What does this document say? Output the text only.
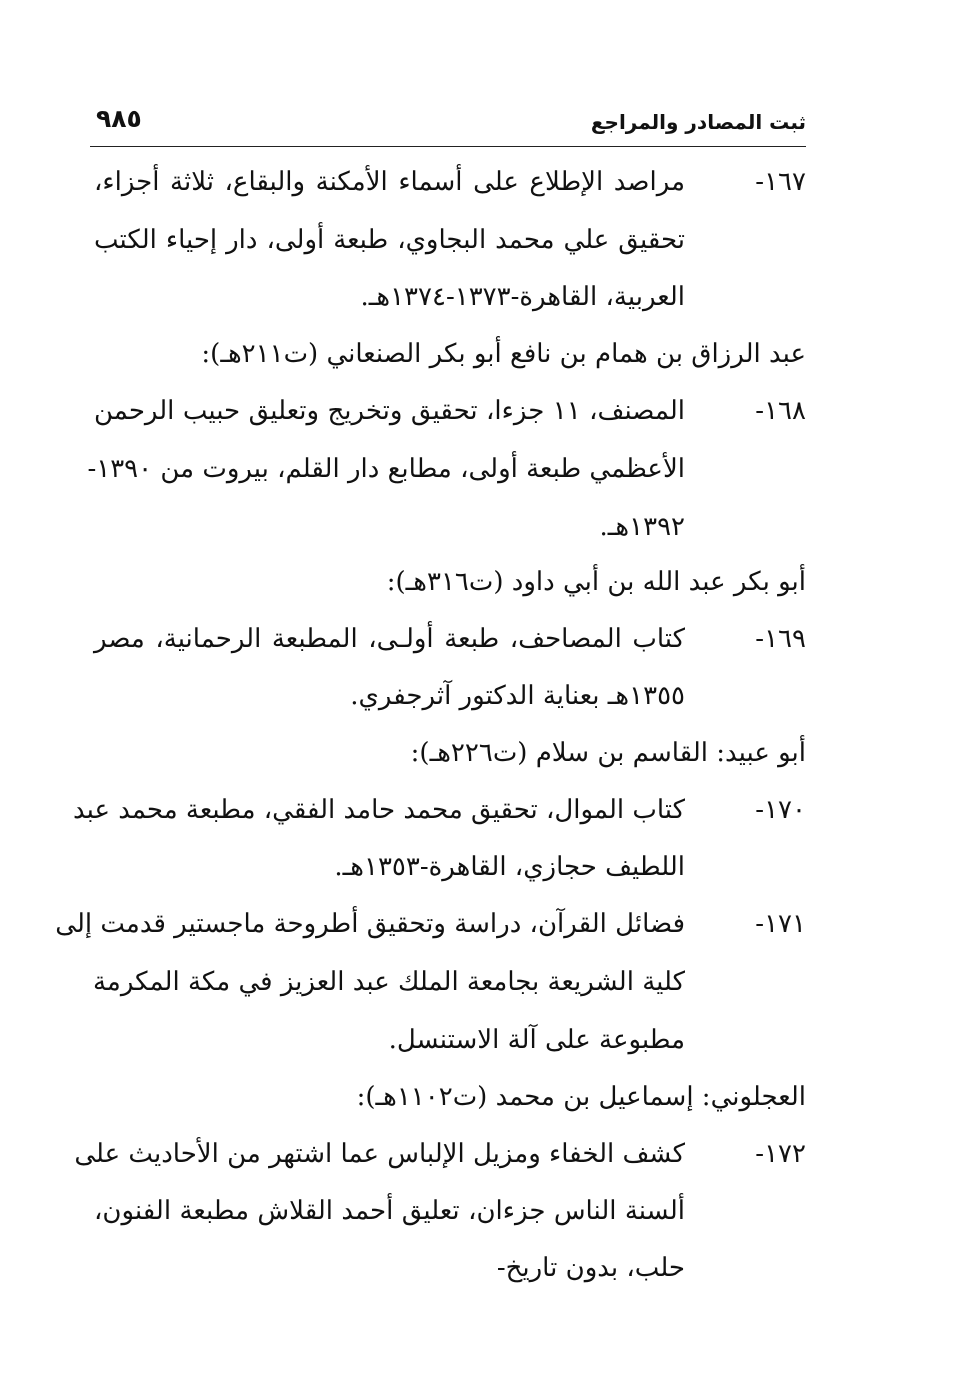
ثبت المصادر والمراجع
٩٨٥
١٦٧-

مراصد الإطلاع على أسماء الأمكنة والبقاع، ثلاثة أجزاء،

تحقيق علي محمد البجاوي، طبعة أولى، دار إحياء الكتب

العربية، القاهرة-١٣٧٣-١٣٧٤هـ.

عبد الرزاق بن همام بن نافع أبو بكر الصنعاني (ت٢١١هـ):

١٦٨-

المصنف، ١١ جزءا، تحقيق وتخريج وتعليق حبيب الرحمن

الأعظمي طبعة أولى، مطابع دار القلم، بيروت من ١٣٩٠-

١٣٩٢هـ.

أبو بكر عبد الله بن أبي داود (ت٣١٦هـ):

١٦٩-

كتاب المصاحف، طبعة أولـى، المطبعة الرحمانية، مصر

١٣٥٥هـ بعناية الدكتور آثرجفري.

أبو عبيد: القاسم بن سلام (ت٢٢٦هـ):

١٧٠-

كتاب الموال، تحقيق محمد حامد الفقي، مطبعة محمد عبد

اللطيف حجازي، القاهرة-١٣٥٣هـ.

١٧١-

فضائل القرآن، دراسة وتحقيق أطروحة ماجستير قدمت إلى

كلية الشريعة بجامعة الملك عبد العزيز في مكة المكرمة

مطبوعة على آلة الاستنسل.

العجلوني: إسماعيل بن محمد (ت١١٠٢هـ):

١٧٢-

كشف الخفاء ومزيل الإلباس عما اشتهر من الأحاديث على

ألسنة الناس جزءان، تعليق أحمد القلاش مطبعة الفنون،

حلب، بدون تاريخ-
